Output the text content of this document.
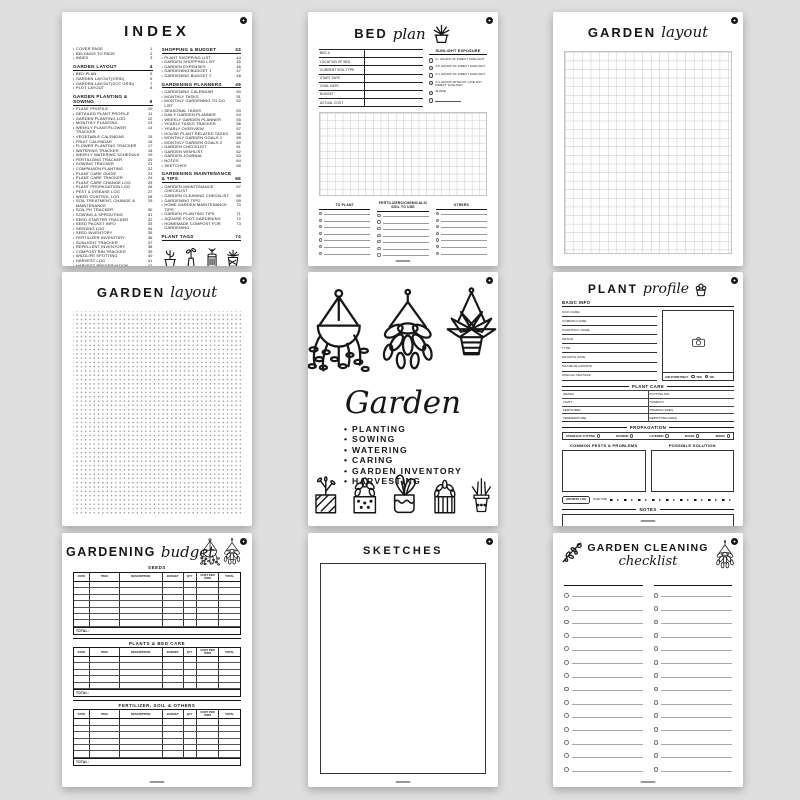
INDEX
▪ COVER PAGE	1
▪ BELONGS TO PAGE	2
▪ INDEX	3
GARDEN LAYOUT	4
▪ BED PLAN	5
▪ GARDEN LAYOUT(GRID)	6
▪ GARDEN LAYOUT(DOT GRID)	7
▪ PLOT LAYOUT	8
GARDEN PLANTING & SOWING	9
▪ PLANT PROFILE	10
▪ DETAILED PLANT PROFILE	11
▪ GARDEN PLANTING LOG	12
▪ MONTHLY PLANTING	13
▪ WEEKLY PLANT/FLOWER TRACKER
14
▪ VEGETABLE CALENDAR	15
▪ FRUIT CALENDAR	16
▪ FLOWER PLANTING TRACKER	17
▪ WATERING TRACKER	18
▪ WEEKLY WATERING SCHEDULE	19
▪ FERTILIZING TRACKER	20
▪ SOWING TRACKER	21
▪ COMPANION PLANTING	22
▪ PLANT CARE GUIDE	23
▪ PLANT CARE TRACKER	24
▪ PLANT CARE CHANGE LOG	25
▪ PLANT PROPAGATION LOG	26
▪ PEST & DISEASE LOG	27
▪ WEED CONTROL LOG	28
▪ SOIL TREATMENT, CHANGE & MAINTENANCE
29
▪ SOIL PH TRACKER	30
▪ SOWING & SPROUTING	31
▪ SEED STARTER TRACKER	32
▪ SEED PACKET INFO	33
▪ SEEDING LOG	34
▪ SEED INVENTORY	35
▪ FERTILIZER INVENTORY	36
▪ SUNLIGHT TRACKER	37
▪ REPELLENT INVENTORY	38
▪ COMPOST BIN TRACKER	39
▪ WILDLIFE SPOTTING	40
▪ HARVEST LOG	41
▪ HARVEST PRESERVATION	42
SHOPPING & BUDGET	43
▪ PLANT SHOPPING LIST	44
▪ GARDEN SHOPPING LIST	45
▪ GARDEN EXPENSES	46
▪ GARDENING BUDGET 1	47
▪ GARDENING BUDGET 2	48
GARDENING PLANNERS	49
▪ GARDENING CALENDAR	50
▪ MONTHLY TASKS	51
▪ MONTHLY GARDENING TO-DO LIST
52
▪ SEASONAL TASKS	53
▪ DAILY GARDEN PLANNER	54
▪ WEEKLY GARDEN PLANNER	55
▪ YEARLY TASKS TRACKER	56
▪ YEARLY OVERVIEW	57
▪ HOUSE PLANT RELATED TASKS	58
▪ MONTHLY GARDEN GOALS 1	59
▪ MONTHLY GARDEN GOALS 2	60
▪ GARDEN CHECKLIST	61
▪ GARDEN WISHLIST	62
▪ GARDEN JOURNAL	63
▪ NOTES	64
▪ SKETCHES	65
GARDENING MAINTENANCE & TIPS	66
▪ GARDEN MAINTENANCE CHECKLIST
67
▪ GARDEN CLEANING CHECKLIST	68
▪ GARDENING TIPS	69
▪ HOME GARDEN MAINTENANCE TIPS
70
▪ GARDEN PLANTING TIPS	71
▪ SQUARE FOOT GARDENING	72
▪ HOMEMADE COMPOST FOR GARDENING
73
PLANT TAGS	74
BED plan
BED #
LOCATION OF BED
CURRENT SOIL TYPE
START DATE
GOAL DATE
BUDGET
ACTUAL COST
SUNLIGHT EXPOSURE
6+ HOURS OF DIRECT SUNLIGHT
4-6 HOURS OF DIRECT SUNLIGHT
2-4 HOURS OF DIRECT SUNLIGHT
2-4 HOURS WITHOUT LATE DAY DIRECT SUNLIGHT
SHADE
TO PLANT
FERTILIZERS/CHEMICALS/ SOIL TO USE	OTHERS
GARDEN layout
GARDEN layout
Garden
• PLANTING
• SOWING
• WATERING
• CARING
• GARDEN INVENTORY
• HARVESTING
PLANT profile
BASIC INFO
NICK NAME
COMMON NAME
SCIENTIFIC NAME
ORIGIN
TYPE
GROWTH RATE
MAXIMUM GROWTH
SPECIAL FEATURE	AIR PURIFYING?	YES	NO
PLANT CARE
WATER	POTTING MIX
LIGHT	HUMIDITY
FERTILIZER	PRUNING FREQ
TEMPERATURE	REPOTTING FREQ
PROPAGATION
STEM/LEAF CUTTING	DIVISION	LAYERING	BULBS	SEEDS
COMMON PESTS & PROBLEMS	POSSIBLE SOLUTION
GROWTH LOG	DATE/ TIME
NOTES
GARDENING budget
SEEDS
DATE	ITEM	DESCRIPTION	BUDGET	QTY	COST PER ITEM	TOTAL
TOTAL:
PLANTS & BED CARE
DATE	ITEM	DESCRIPTION	BUDGET	QTY	COST PER ITEM	TOTAL
TOTAL:
FERTILIZER, SOIL & OTHERS
DATE	ITEM	DESCRIPTION	BUDGET	QTY	COST PER ITEM	TOTAL
TOTAL:
SKETCHES	GARDEN CLEANING
checklist
